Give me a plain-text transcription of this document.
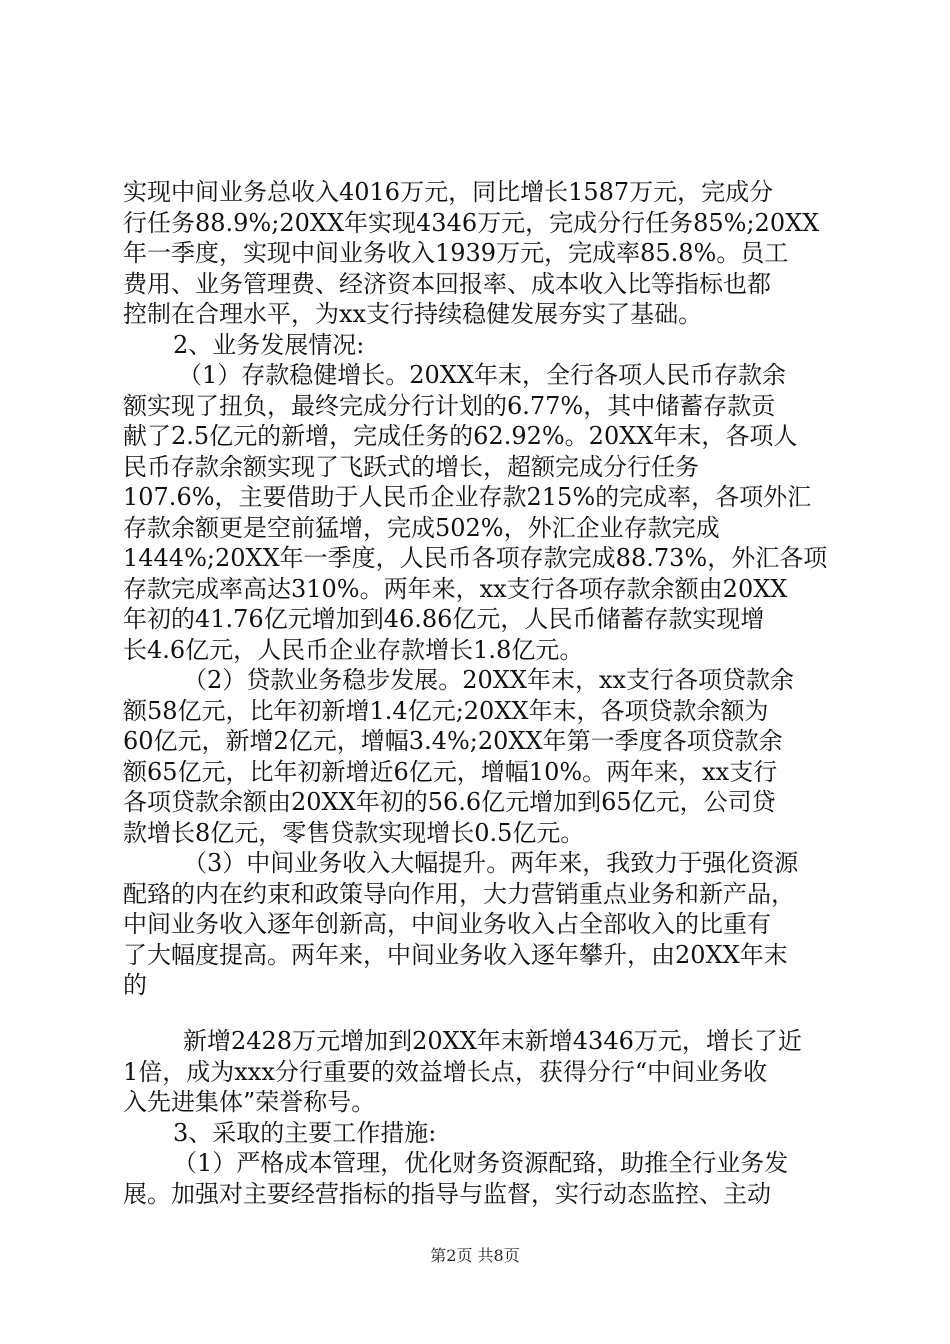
实现中间业务总收入4016万元，同比增长1587万元，完成分

行任务88.9%;20XX年实现4346万元，完成分行任务85%;20XX

年一季度，实现中间业务收入1939万元，完成率85.8%。员工

费用、业务管理费、经济资本回报率、成本收入比等指标也都

控制在合理水平，为xx支行持续稳健发展夯实了基础。

2、业务发展情况:

（1）存款稳健增长。20XX年末，全行各项人民币存款余

额实现了扭负，最终完成分行计划的6.77%，其中储蓄存款贡

献了2.5亿元的新增，完成任务的62.92%。20XX年末，各项人

民币存款余额实现了飞跃式的增长，超额完成分行任务

107.6%，主要借助于人民币企业存款215%的完成率，各项外汇

存款余额更是空前猛增，完成502%，外汇企业存款完成

1444%;20XX年一季度，人民币各项存款完成88.73%，外汇各项

存款完成率高达310%。两年来，xx支行各项存款余额由20XX

年初的41.76亿元增加到46.86亿元，人民币储蓄存款实现增

长4.6亿元，人民币企业存款增长1.8亿元。

（2）贷款业务稳步发展。20XX年末，xx支行各项贷款余

额58亿元，比年初新增1.4亿元;20XX年末，各项贷款余额为

60亿元，新增2亿元，增幅3.4%;20XX年第一季度各项贷款余

额65亿元，比年初新增近6亿元，增幅10%。两年来，xx支行

各项贷款余额由20XX年初的56.6亿元增加到65亿元，公司贷

款增长8亿元，零售贷款实现增长0.5亿元。

（3）中间业务收入大幅提升。两年来，我致力于强化资源

配臵的内在约束和政策导向作用，大力营销重点业务和新产品，

中间业务收入逐年创新高，中间业务收入占全部收入的比重有

了大幅度提高。两年来，中间业务收入逐年攀升，由20XX年末

的

新增2428万元增加到20XX年末新增4346万元，增长了近

1倍，成为xxx分行重要的效益增长点，获得分行“中间业务收

入先进集体”荣誉称号。

3、采取的主要工作措施:

（1）严格成本管理，优化财务资源配臵，助推全行业务发

展。加强对主要经营指标的指导与监督，实行动态监控、主动

第2页 共8页
